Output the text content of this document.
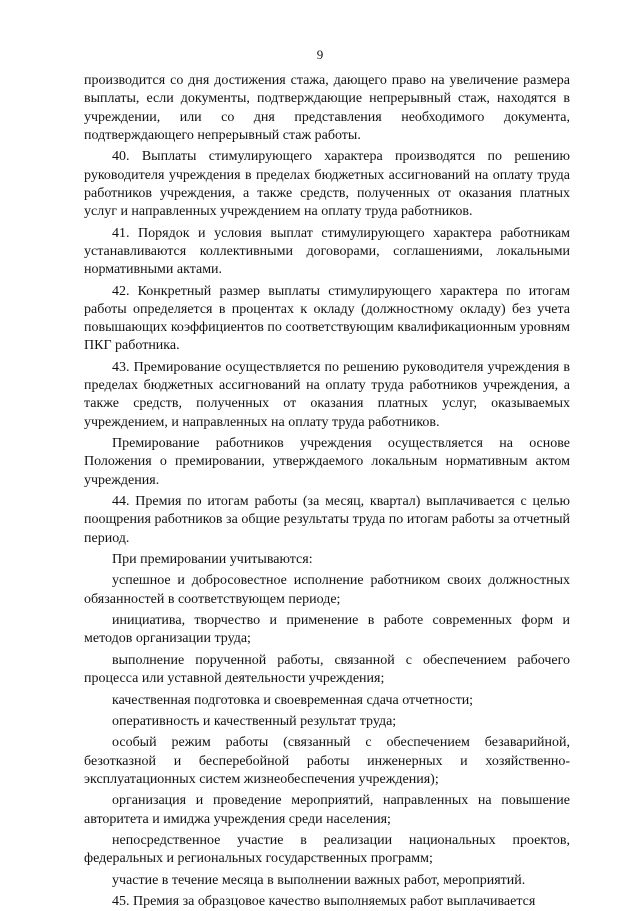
9

производится со дня достижения стажа, дающего право на увеличение размера выплаты, если документы, подтверждающие непрерывный стаж, находятся в учреждении, или со дня представления необходимого документа, подтверждающего непрерывный стаж работы.

40. Выплаты стимулирующего характера производятся по решению руководителя учреждения в пределах бюджетных ассигнований на оплату труда работников учреждения, а также средств, полученных от оказания платных услуг и направленных учреждением на оплату труда работников.

41. Порядок и условия выплат стимулирующего характера работникам устанавливаются коллективными договорами, соглашениями, локальными нормативными актами.

42. Конкретный размер выплаты стимулирующего характера по итогам работы определяется в процентах к окладу (должностному окладу) без учета повышающих коэффициентов по соответствующим квалификационным уровням ПКГ работника.

43. Премирование осуществляется по решению руководителя учреждения в пределах бюджетных ассигнований на оплату труда работников учреждения, а также средств, полученных от оказания платных услуг, оказываемых учреждением, и направленных на оплату труда работников.

Премирование работников учреждения осуществляется на основе Положения о премировании, утверждаемого локальным нормативным актом учреждения.

44. Премия по итогам работы (за месяц, квартал) выплачивается с целью поощрения работников за общие результаты труда по итогам работы за отчетный период.

При премировании учитываются:

успешное и добросовестное исполнение работником своих должностных обязанностей в соответствующем периоде;

инициатива, творчество и применение в работе современных форм и методов организации труда;

выполнение порученной работы, связанной с обеспечением рабочего процесса или уставной деятельности учреждения;

качественная подготовка и своевременная сдача отчетности;

оперативность и качественный результат труда;

особый режим работы (связанный с обеспечением безаварийной, безотказной и бесперебойной работы инженерных и хозяйственно-эксплуатационных систем жизнеобеспечения учреждения);

организация и проведение мероприятий, направленных на повышение авторитета и имиджа учреждения среди населения;

непосредственное участие в реализации национальных проектов, федеральных и региональных государственных программ;

участие в течение месяца в выполнении важных работ, мероприятий.

45. Премия за образцовое качество выполняемых работ выплачивается
